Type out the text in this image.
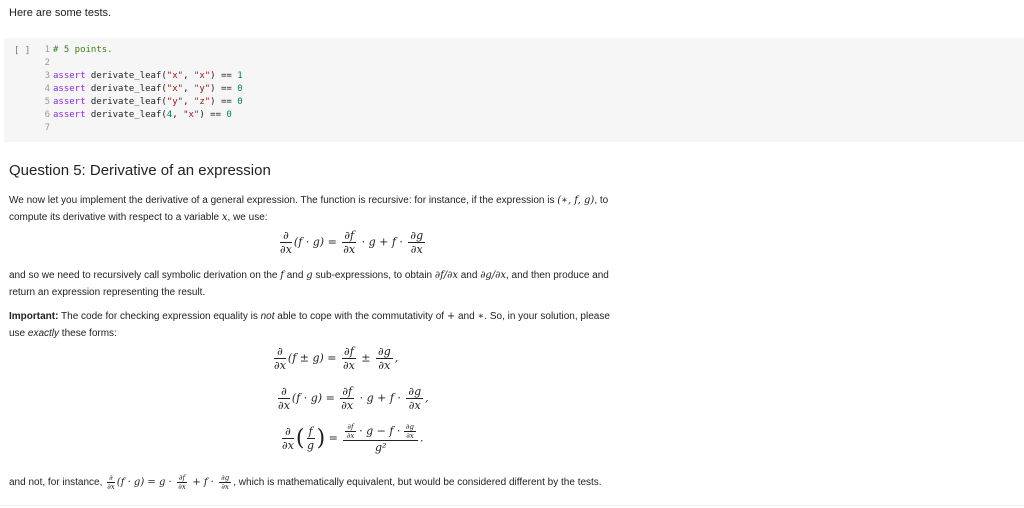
Here are some tests.
[ ]	1 # 5 points.
2
3 assert derivate_leaf("x", "x") == 1
4 assert derivate_leaf("x", "y") == 0
5 assert derivate_leaf("y", "z") == 0
6 assert derivate_leaf(4, "x") == 0
7
Question 5: Derivative of an expression
We now let you implement the derivative of a general expression. The function is recursive: for instance, if the expression is (∗, f, g), to
compute its derivative with respect to a variable x, we use:
$\frac{\partial}{\partial x} (f \cdot g) = \frac{\partial f}{\partial x} \cdot g + f \cdot \frac{\partial g}{\partial x}$
and so we need to recursively call symbolic derivation on the f and g sub-expressions, to obtain ∂f/∂x and ∂g/∂x, and then produce and
return an expression representing the result.
Important: The code for checking expression equality is not able to cope with the commutativity of + and ∗. So, in your solution, please
use exactly these forms:
$\frac{\partial}{\partial x} (f \pm g) = \frac{\partial f}{\partial x} \pm \frac{\partial g}{\partial x}$ ,
$\frac{\partial}{\partial x} (f \cdot g) = \frac{\partial f}{\partial x} \cdot g + f \cdot \frac{\partial g}{\partial x}$ ,
$\frac{\partial}{\partial x}$ ( $\frac{f}{g}$ ) = $\frac{\frac{\partial f}{\partial x} \cdot g - f \cdot \frac{\partial g}{\partial x}}{\text{g²}}$ .
and not, for instance, $\frac{\partial}{\partial x} (f \cdot g) = g \cdot \frac{\partial f}{\partial x} + f \cdot \frac{\partial g}{\partial x}$ , which is mathematically equivalent, but would be considered different by the tests.
